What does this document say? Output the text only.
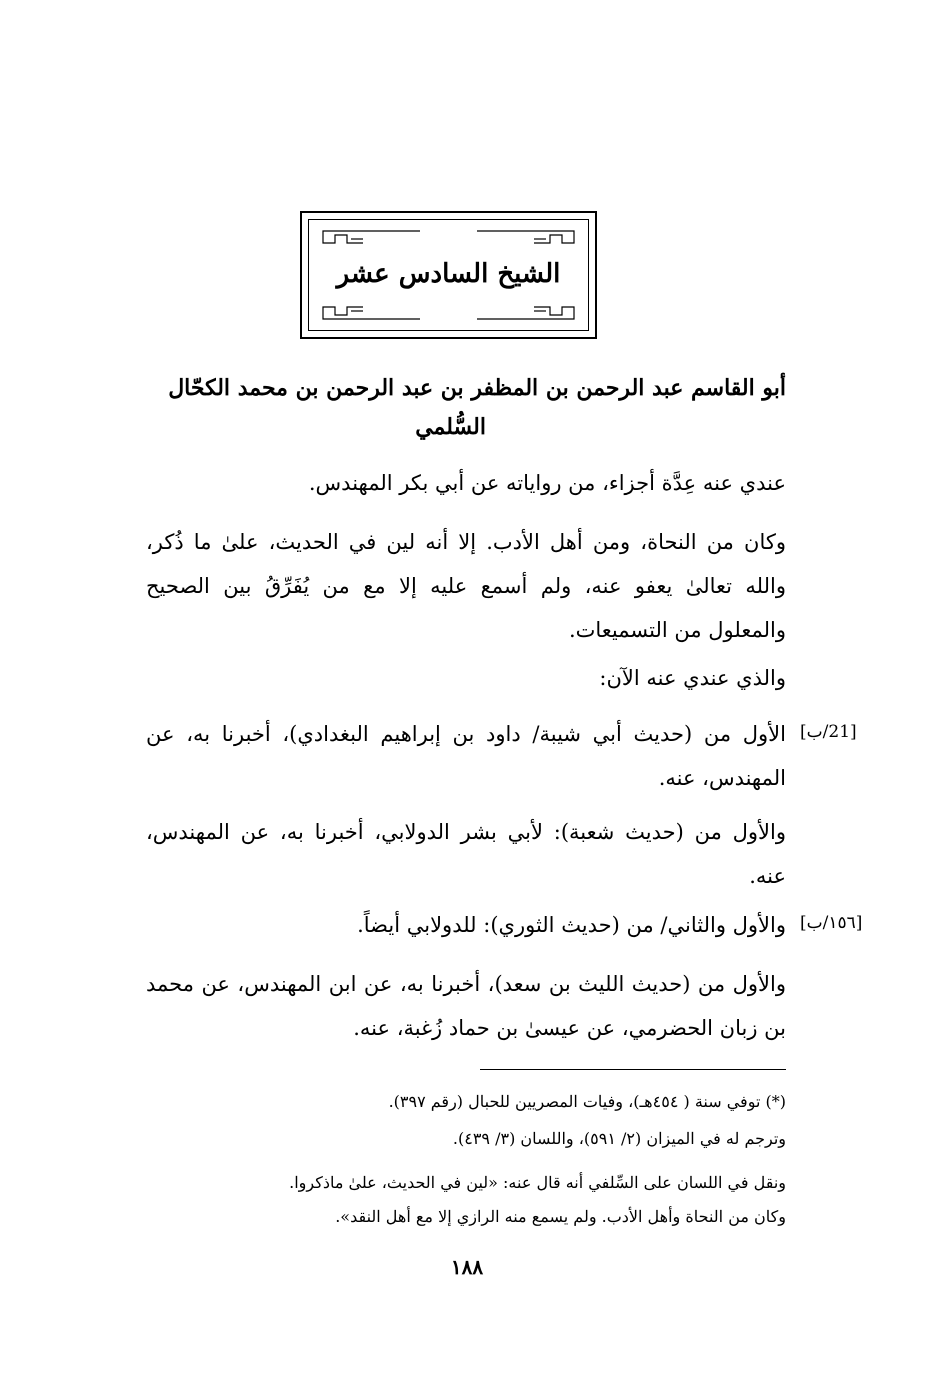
الشيخ السادس عشر
أبو القاسم عبد الرحمن بن المظفر بن عبد الرحمن بن محمد الكحّال
السُّلمي
عندي عنه عِدَّة أجزاء، من رواياته عن أبي بكر المهندس.
وكان من النحاة، ومن أهل الأدب. إلا أنه لين في الحديث، علىٰ ما ذُكر، والله تعالىٰ يعفو عنه، ولم أسمع عليه إلا مع من يُفَرِّقُ بين الصحيح والمعلول من التسميعات.
والذي عندي عنه الآن:
[21/ب]
الأول من (حديث أبي شيبة/ داود بن إبراهيم البغدادي)، أخبرنا به، عن المهندس، عنه.
والأول من (حديث شعبة): لأبي بشر الدولابي، أخبرنا به، عن المهندس، عنه.
[١٥٦/ب]
والأول والثاني/ من (حديث الثوري): للدولابي أيضاً.
والأول من (حديث الليث بن سعد)، أخبرنا به، عن ابن المهندس، عن محمد بن زبان الحضرمي، عن عيسىٰ بن حماد زُغبة، عنه.
(*) توفي سنة ( ٤٥٤هـ)، وفيات المصريين للحبال (رقم ٣٩٧).
وترجم له في الميزان (٢/ ٥٩١)، واللسان (٣/ ٤٣٩).
ونقل في اللسان على السِّلفي أنه قال عنه: «لين في الحديث، علىٰ ماذكروا.
وكان من النحاة وأهل الأدب. ولم يسمع منه الرازي إلا مع أهل النقد».
١٨٨
